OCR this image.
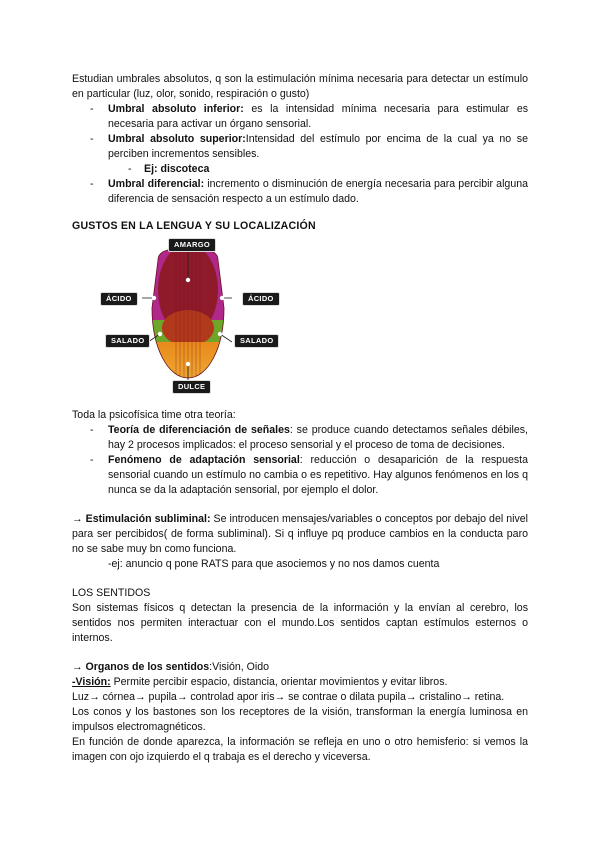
Estudian umbrales absolutos, q son la estimulación mínima necesaria para detectar un estímulo en particular (luz, olor, sonido, respiración o gusto)

- Umbral absoluto inferior: es la intensidad mínima necesaria para estimular es necesaria para activar un órgano sensorial.
- Umbral absoluto superior:Intensidad del estímulo por encima de la cual ya no se perciben incrementos sensibles.
- Ej: discoteca
- Umbral diferencial: incremento o disminución de energía necesaria para percibir alguna diferencia de sensación respecto a un estímulo dado.
GUSTOS EN LA LENGUA Y SU LOCALIZACIÓN
AMARGO
ÁCIDO	ÁCIDO
SALADO	SALADO
DULCE

Toda la psicofísica time otra teoría:

- Teoría de diferenciación de señales: se produce cuando detectamos señales débiles, hay 2 procesos implicados: el proceso sensorial y el proceso de toma de decisiones.
- Fenómeno de adaptación sensorial: reducción o desaparición de la respuesta sensorial cuando un estímulo no cambia o es repetitivo. Hay algunos fenómenos en los q nunca se da la adaptación sensorial, por ejemplo el dolor.

→ Estimulación subliminal: Se introducen mensajes/variables o conceptos por debajo del nivel para ser percibidos( de forma subliminal). Si q influye pq produce cambios en la conducta paro no se sabe muy bn como funciona.

-ej: anuncio q pone RATS para que asociemos y no nos damos cuenta

LOS SENTIDOS

Son sistemas físicos q detectan la presencia de la información y la envían al cerebro, los sentidos nos permiten interactuar con el mundo.Los sentidos captan estímulos esternos o internos.

→ Organos de los sentidos:Visión, Oido

-Visión: Permite percibir espacio, distancia, orientar movimientos y evitar libros.

Luz→ córnea→ pupila→ controlad apor iris→ se contrae o dilata pupila→ cristalino→ retina.

Los conos y los bastones son los receptores de la visión, transforman la energía luminosa en impulsos electromagnéticos.

En función de donde aparezca, la información se refleja en uno o otro hemisferio: si vemos la imagen con ojo izquierdo el q trabaja es el derecho y viceversa.
